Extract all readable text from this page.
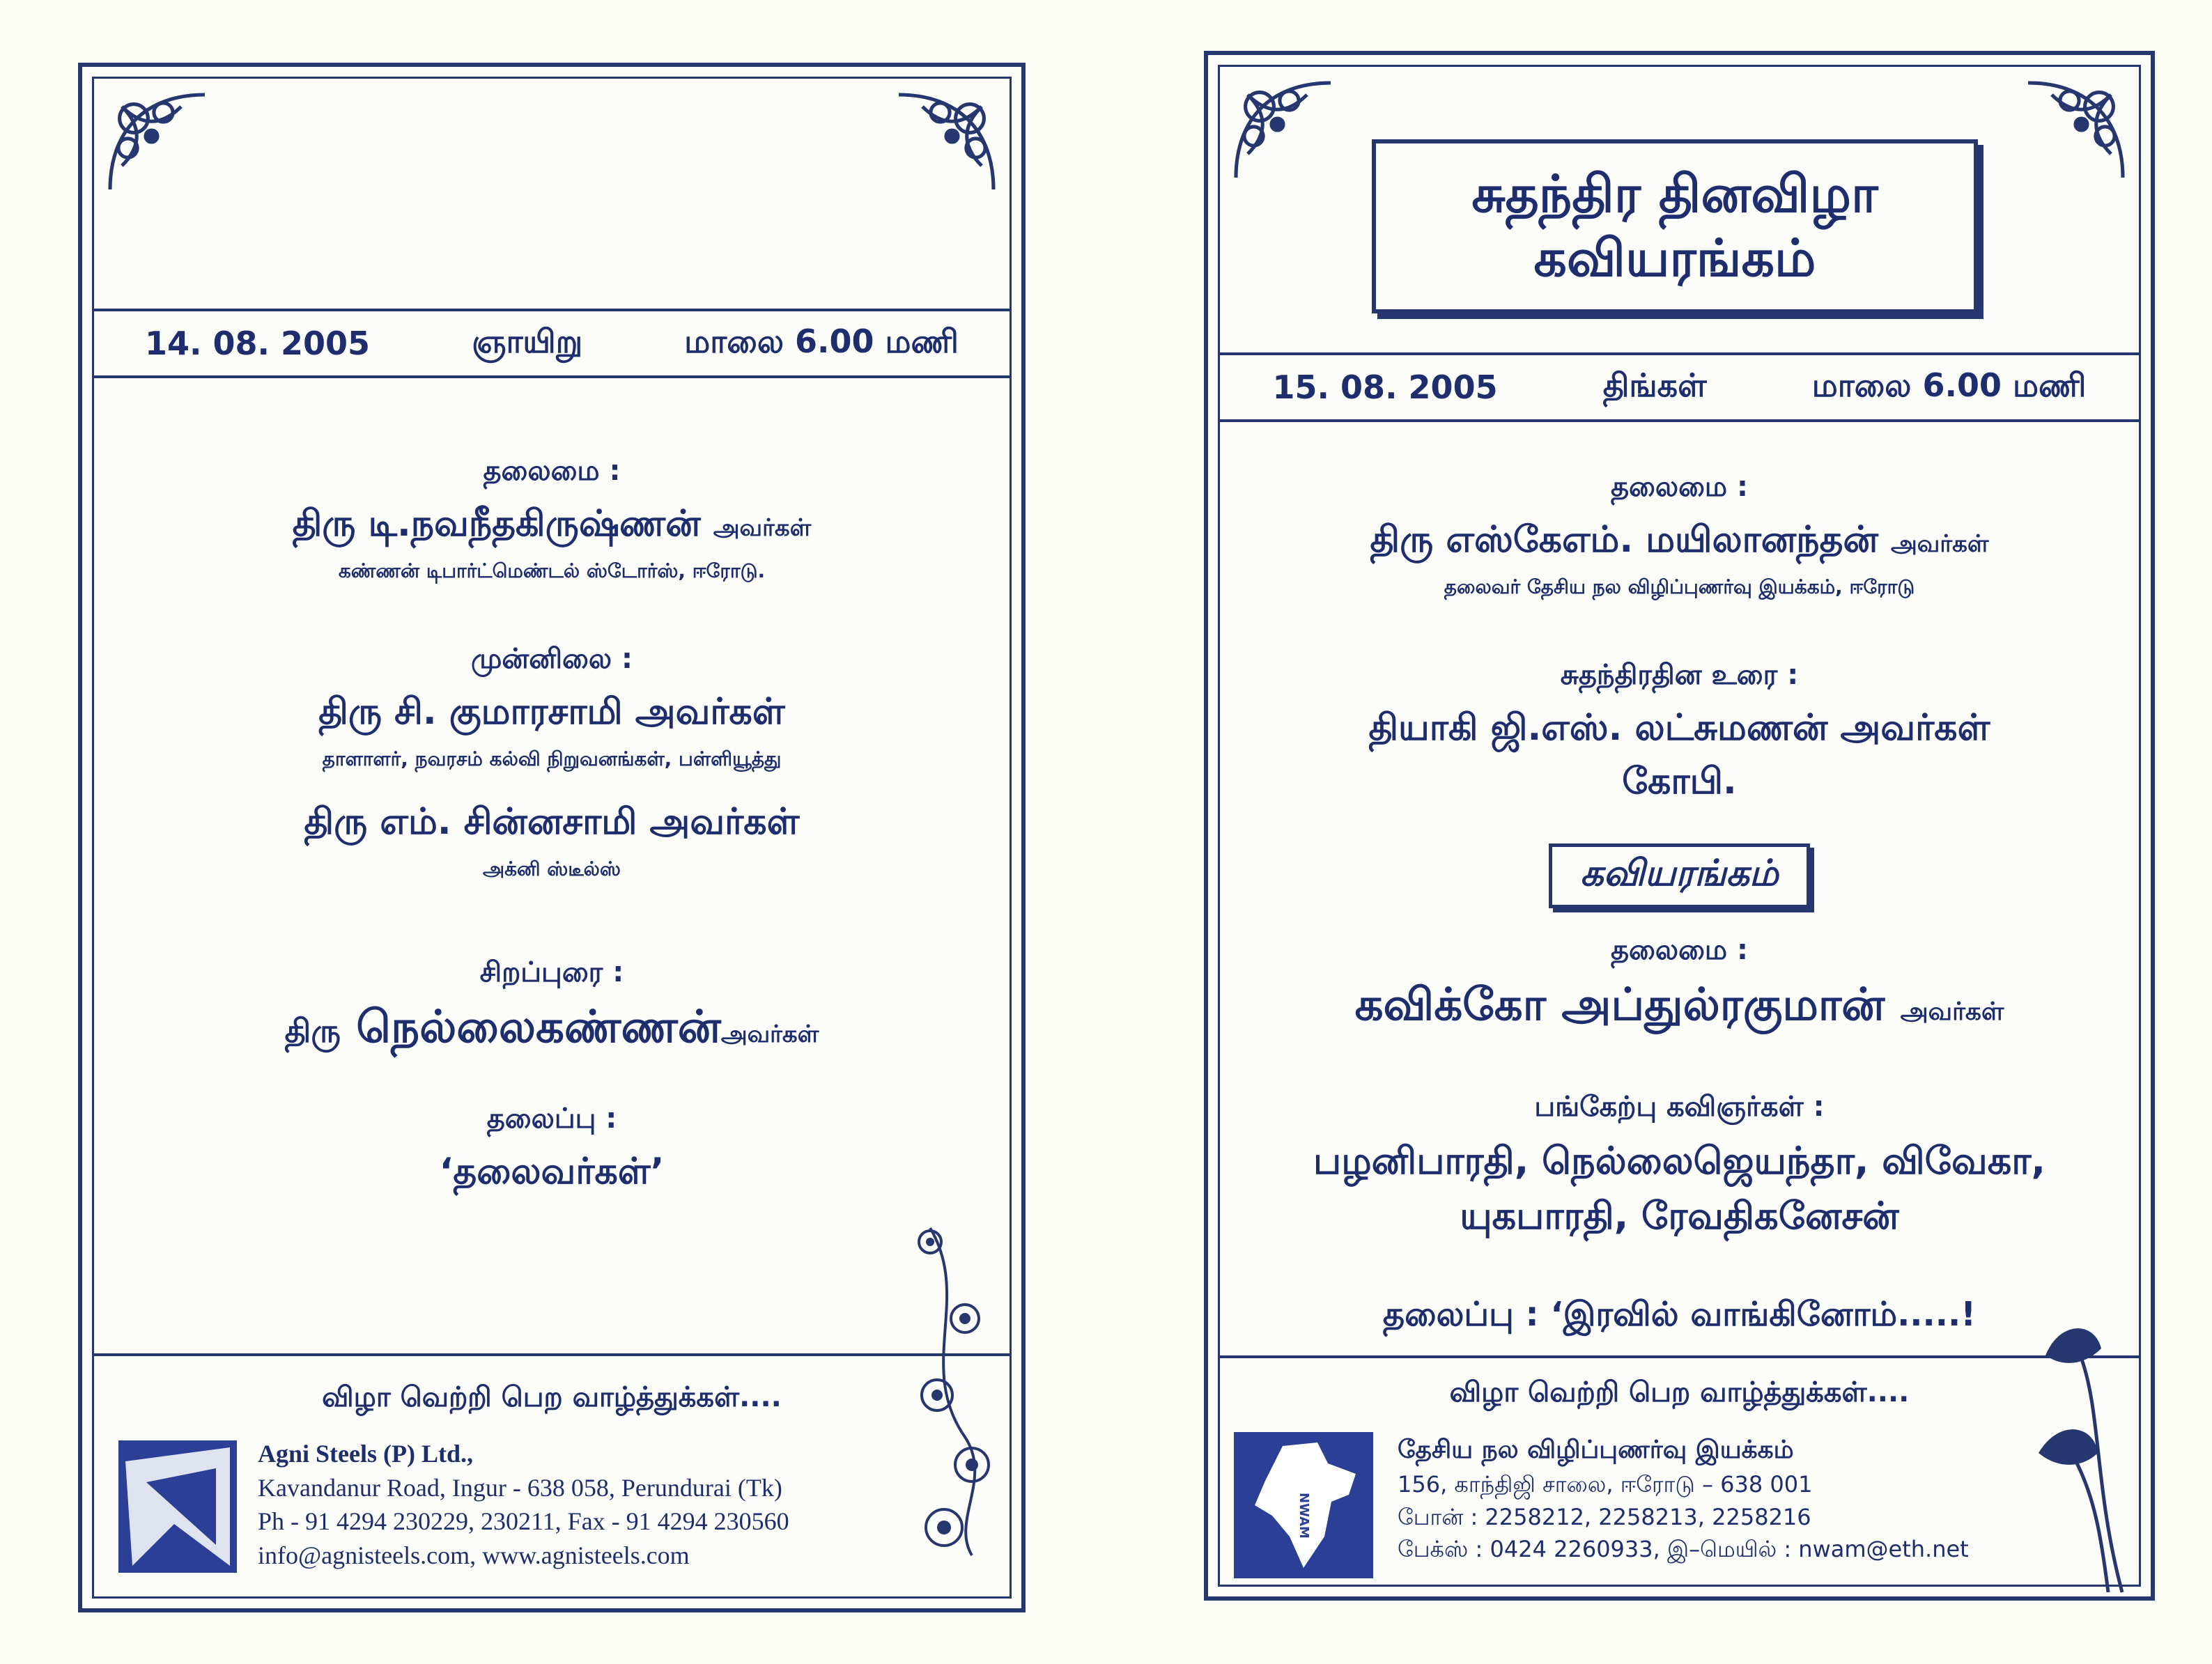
14. 08. 2005	ஞாயிறு	மாலை 6.00 மணி
தலைமை :
திரு டி.நவநீதகிருஷ்ணன் அவர்கள்
கண்ணன் டிபார்ட்மெண்டல் ஸ்டோர்ஸ், ஈரோடு.
முன்னிலை :
திரு சி. குமாரசாமி அவர்கள்
தாளாளர், நவரசம் கல்வி நிறுவனங்கள், பள்ளியூத்து
திரு எம். சின்னசாமி அவர்கள்
அக்னி ஸ்டீல்ஸ்
சிறப்புரை :
திரு நெல்லைகண்ணன்அவர்கள்
தலைப்பு :
‘தலைவர்கள்’
விழா வெற்றி பெற வாழ்த்துக்கள்....
Agni Steels (P) Ltd.,
Kavandanur Road, Ingur - 638 058, Perundurai (Tk)
Ph - 91 4294 230229, 230211, Fax - 91 4294 230560
info@agnisteels.com, www.agnisteels.com
சுதந்திர தினவிழா
கவியரங்கம்
15. 08. 2005	திங்கள்	மாலை 6.00 மணி
தலைமை :
திரு எஸ்கேஎம். மயிலானந்தன் அவர்கள்
தலைவர் தேசிய நல விழிப்புணர்வு இயக்கம், ஈரோடு
சுதந்திரதின உரை :
தியாகி ஜி.எஸ். லட்சுமணன் அவர்கள்
கோபி.
கவியரங்கம்
தலைமை :
கவிக்கோ அப்துல்ரகுமான் அவர்கள்
பங்கேற்பு கவிஞர்கள் :
பழனிபாரதி, நெல்லைஜெயந்தா, விவேகா,
யுகபாரதி, ரேவதிகனேசன்
தலைப்பு : ‘இரவில் வாங்கினோம்.....!
விழா வெற்றி பெற வாழ்த்துக்கள்....
NWAM
தேசிய நல விழிப்புணர்வு இயக்கம்
156, காந்திஜி சாலை, ஈரோடு – 638 001
போன் : 2258212, 2258213, 2258216
பேக்ஸ் : 0424 2260933, இ–மெயில் : nwam@eth.net
